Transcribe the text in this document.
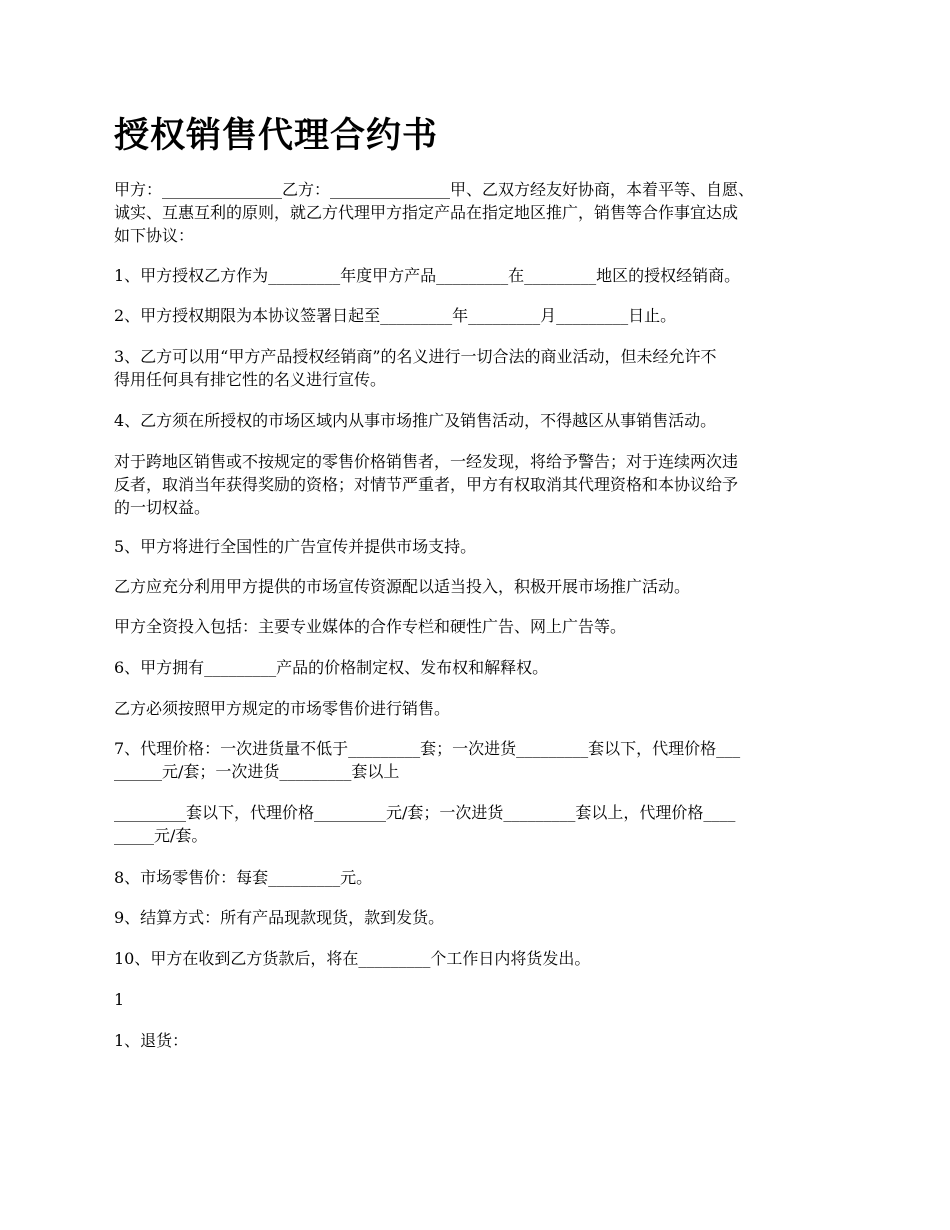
授权销售代理合约书
甲方：_______________乙方：_______________甲、乙双方经友好协商，本着平等、自愿、
诚实、互惠互利的原则，就乙方代理甲方指定产品在指定地区推广，销售等合作事宜达成
如下协议：
1、甲方授权乙方作为_________年度甲方产品_________在_________地区的授权经销商。
2、甲方授权期限为本协议签署日起至_________年_________月_________日止。
3、乙方可以用“甲方产品授权经销商”的名义进行一切合法的商业活动，但未经允许不
得用任何具有排它性的名义进行宣传。
4、乙方须在所授权的市场区域内从事市场推广及销售活动，不得越区从事销售活动。
对于跨地区销售或不按规定的零售价格销售者，一经发现，将给予警告；对于连续两次违
反者，取消当年获得奖励的资格；对情节严重者，甲方有权取消其代理资格和本协议给予
的一切权益。
5、甲方将进行全国性的广告宣传并提供市场支持。
乙方应充分利用甲方提供的市场宣传资源配以适当投入，积极开展市场推广活动。
甲方全资投入包括：主要专业媒体的合作专栏和硬性广告、网上广告等。
6、甲方拥有_________产品的价格制定权、发布权和解释权。
乙方必须按照甲方规定的市场零售价进行销售。
7、代理价格：一次进货量不低于_________套；一次进货_________套以下，代理价格___
______元/套；一次进货_________套以上
_________套以下，代理价格_________元/套；一次进货_________套以上，代理价格____
_____元/套。
8、市场零售价：每套_________元。
9、结算方式：所有产品现款现货，款到发货。
10、甲方在收到乙方货款后，将在_________个工作日内将货发出。
1
1、退货：
